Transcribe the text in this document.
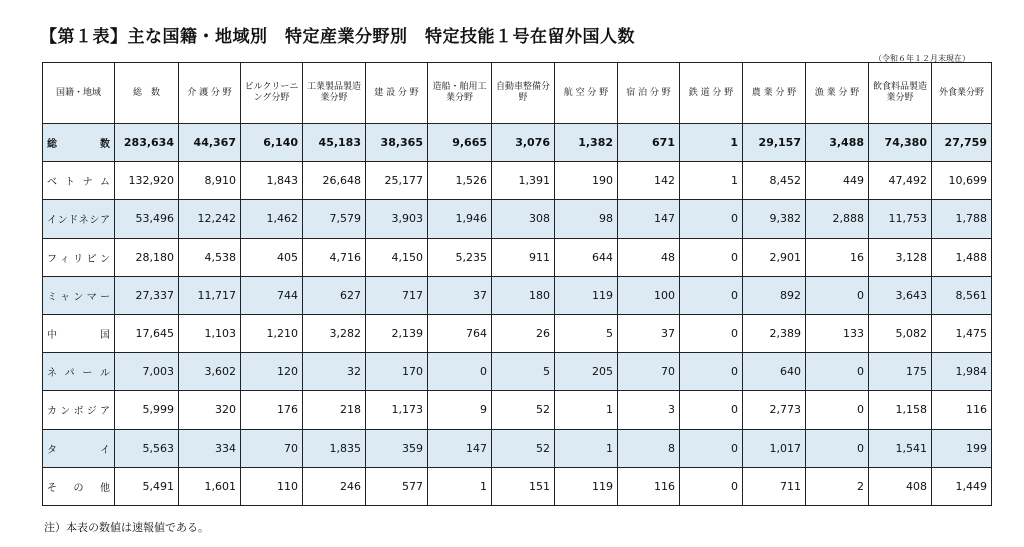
【第１表】主な国籍・地域別　特定産業分野別　特定技能１号在留外国人数
（令和６年１２月末現在）
国籍・地域	総　数	介 護 分 野	ビルクリーニング分野	工業製品製造業分野	建 設 分 野	造船・舶用工業分野	自動車整備分野	航 空 分 野	宿 泊 分 野	鉄 道 分 野	農 業 分 野	漁 業 分 野	飲食料品製造業分野	外食業分野
総　数	283,634	44,367	6,140	45,183	38,365	9,665	3,076	1,382	671	1	29,157	3,488	74,380	27,759
ベトナム	132,920	8,910	1,843	26,648	25,177	1,526	1,391	190	142	1	8,452	449	47,492	10,699
インドネシア	53,496	12,242	1,462	7,579	3,903	1,946	308	98	147	0	9,382	2,888	11,753	1,788
フィリピン	28,180	4,538	405	4,716	4,150	5,235	911	644	48	0	2,901	16	3,128	1,488
ミャンマー	27,337	11,717	744	627	717	37	180	119	100	0	892	0	3,643	8,561
中　国	17,645	1,103	1,210	3,282	2,139	764	26	5	37	0	2,389	133	5,082	1,475
ネパール	7,003	3,602	120	32	170	0	5	205	70	0	640	0	175	1,984
カンボジア	5,999	320	176	218	1,173	9	52	1	3	0	2,773	0	1,158	116
タ　イ	5,563	334	70	1,835	359	147	52	1	8	0	1,017	0	1,541	199
そ の 他	5,491	1,601	110	246	577	1	151	119	116	0	711	2	408	1,449
注）本表の数値は速報値である。
